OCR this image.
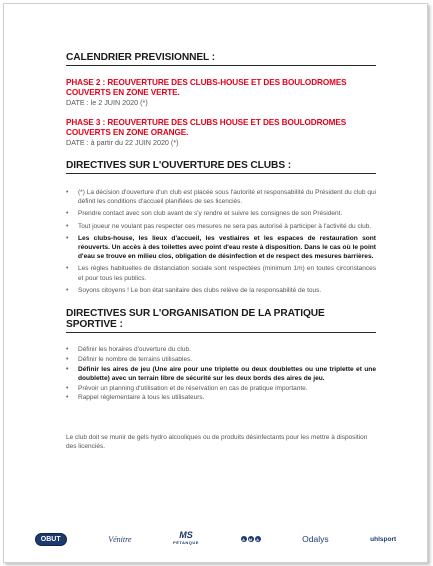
CALENDRIER PREVISIONNEL :

PHASE 2 : REOUVERTURE DES CLUBS-HOUSE ET DES BOULODROMES COUVERTS EN ZONE VERTE.

DATE : le 2 JUIN 2020 (*)

PHASE 3 : REOUVERTURE DES CLUBS HOUSE ET DES BOULODROMES COUVERTS EN ZONE ORANGE.

DATE : à partir du 22 JUIN 2020 (*)

DIRECTIVES SUR L'OUVERTURE DES CLUBS :
• (*) La décision d'ouverture d'un club est placée sous l'autorité et responsabilité du Président du club qui définit les conditions d'accueil planifiées de ses licenciés.
• Prendre contact avec son club avant de s'y rendre et suivre les consignes de son Président.
• Tout joueur ne voulant pas respecter ces mesures ne sera pas autorisé à participer à l'activité du club.
• Les clubs-house, les lieux d'accueil, les vestiaires et les espaces de restauration sont réouverts. Un accès à des toilettes avec point d'eau reste à disposition. Dans le cas où le point d'eau se trouve en milieu clos, obligation de désinfection et de respect des mesures barrières.
• Les règles habituelles de distanciation sociale sont respectées (minimum 1m) en toutes circonstances et pour tous les publics.
• Soyons citoyens ! Le bon état sanitaire des clubs relève de la responsabilité de tous.
DIRECTIVES SUR L'ORGANISATION DE LA PRATIQUE SPORTIVE :
• Définir les horaires d'ouverture du club.
• Définir le nombre de terrains utilisables.
• Définir les aires de jeu (Une aire pour une triplette ou deux doublettes ou une triplette et une doublette) avec un terrain libre de sécurité sur les deux bords des aires de jeu.
• Prévoir un planning d'utilisation et de réservation en cas de pratique importante.
• Rappel réglementaire à tous les utilisateurs.

Le club doit se munir de gels hydro alcooliques ou de produits désinfectants pour les mettre à disposition des licenciés.

OBUT	Vénitre	MS
PÉTANQUE
A M A	Odalys	uhlsport
